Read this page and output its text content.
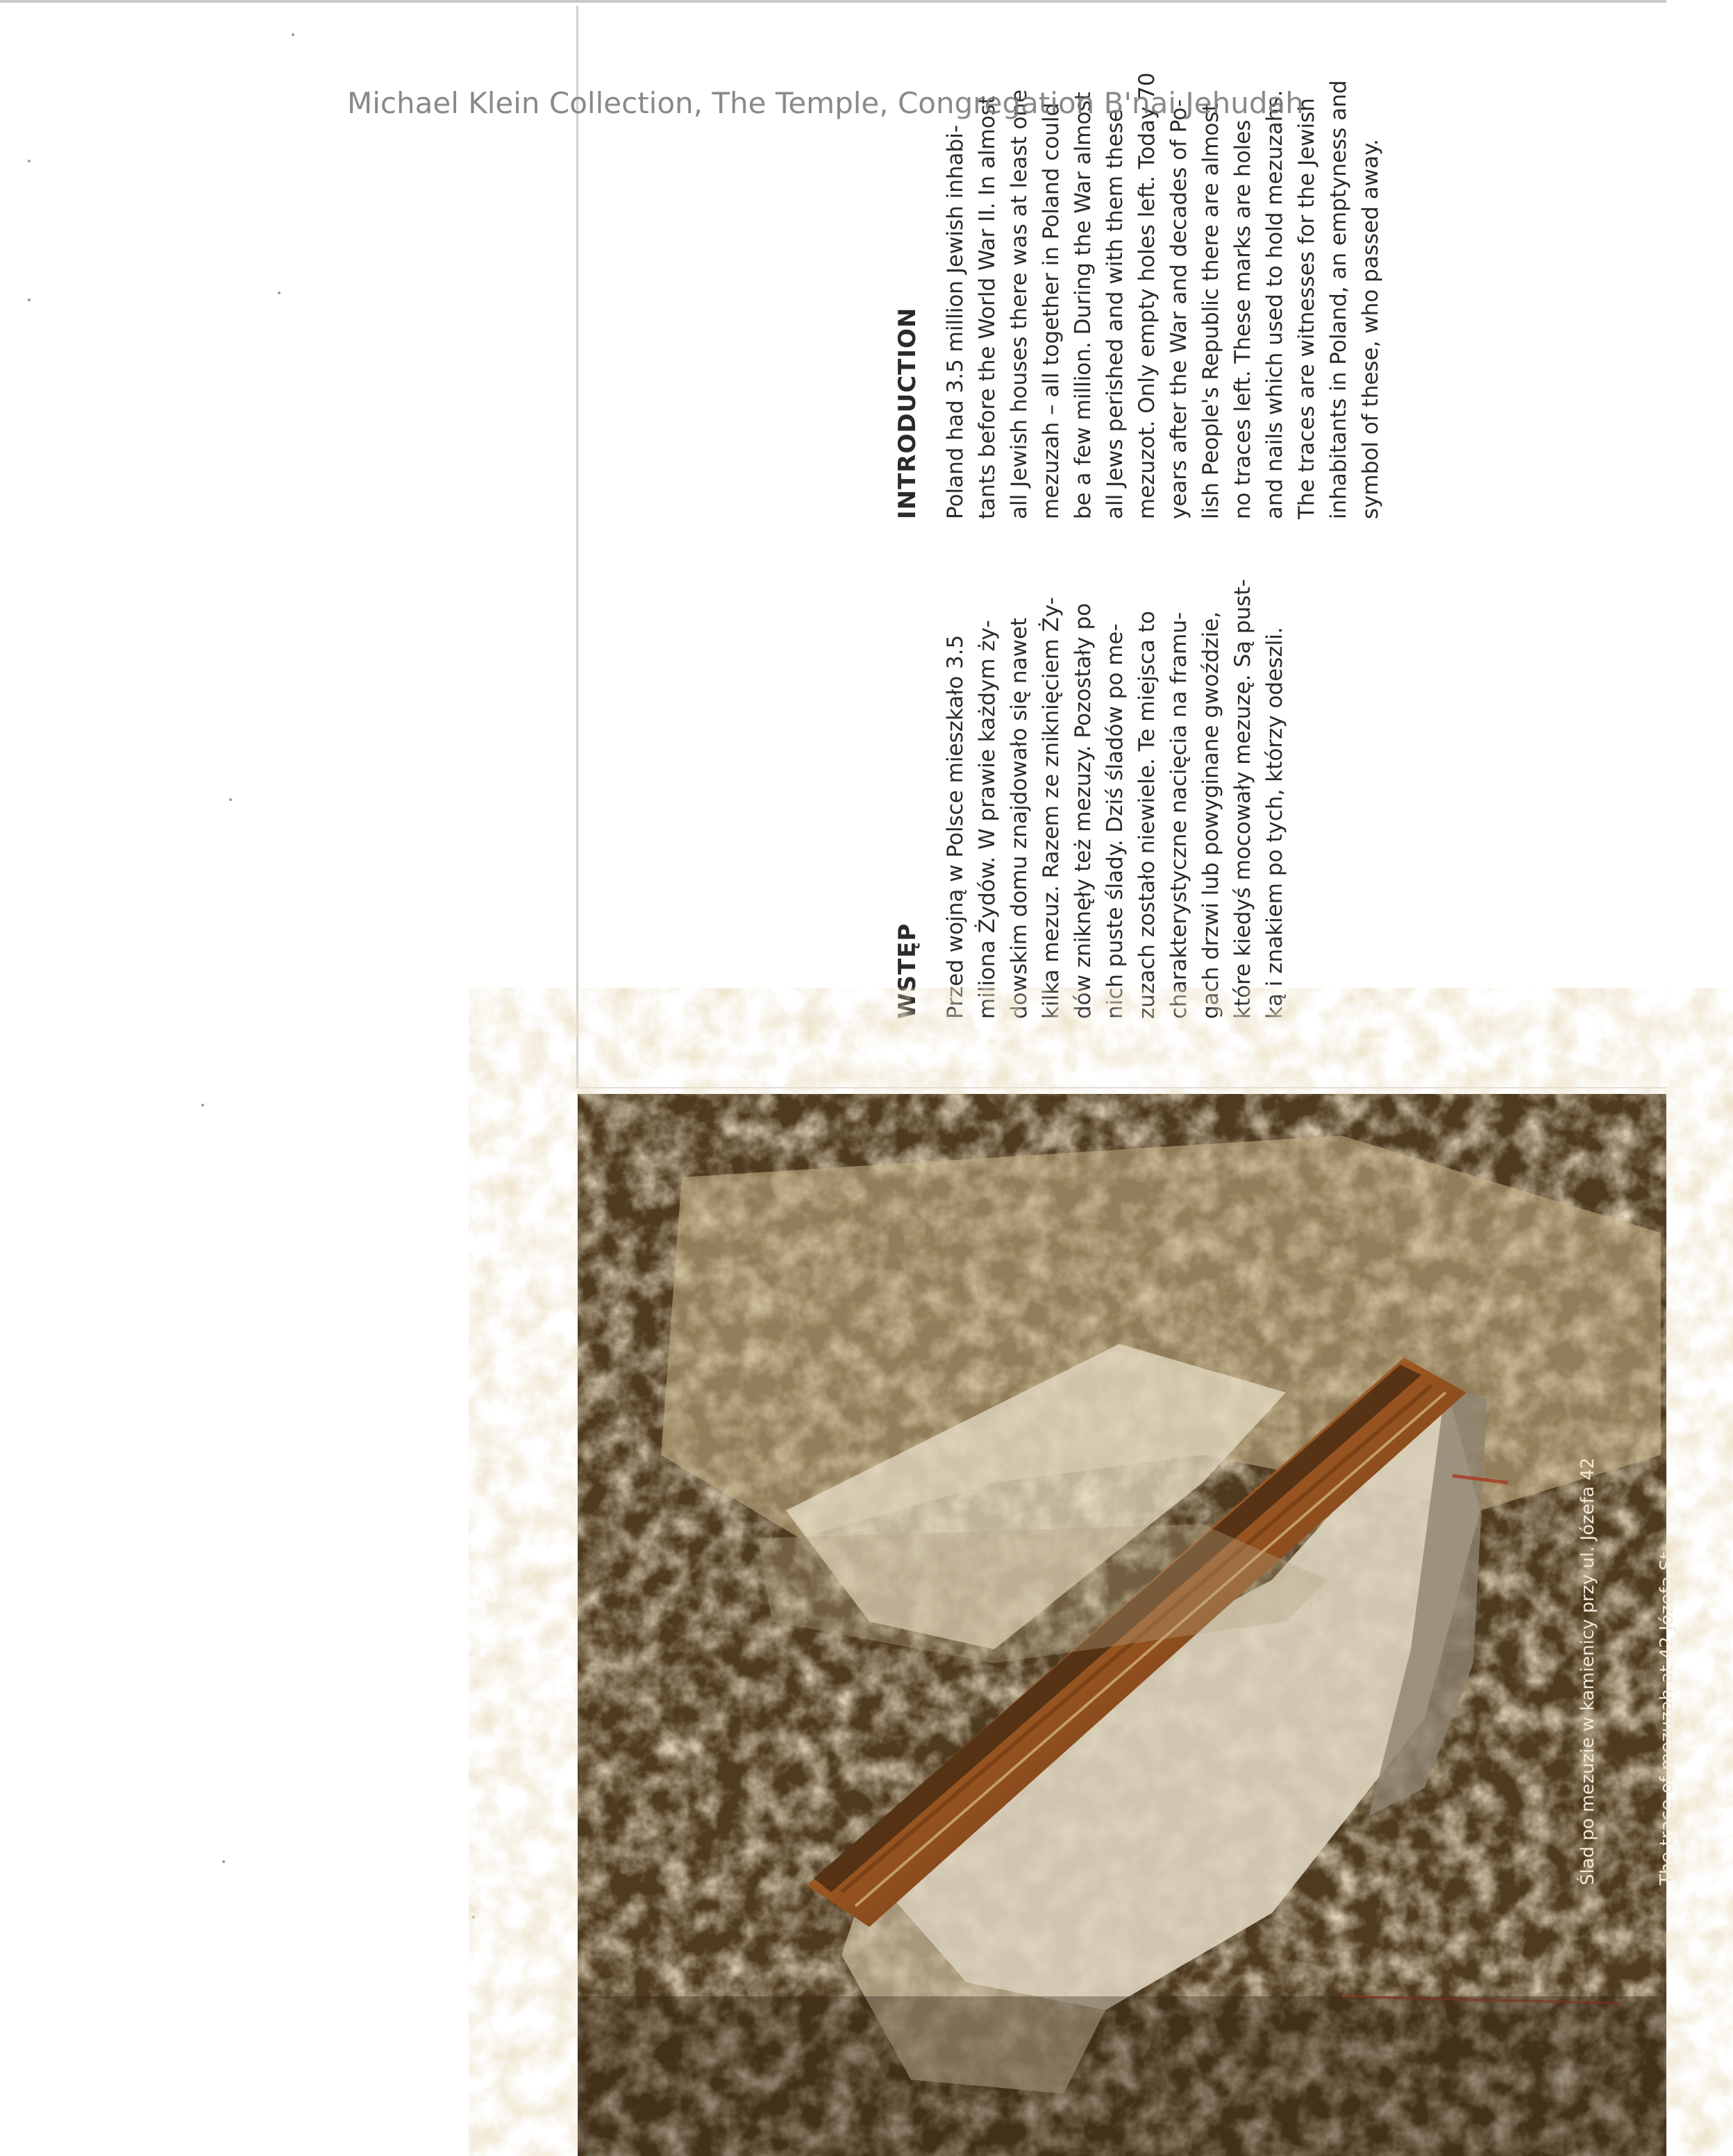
WSTĘP Przed wojną w Polsce mieszkało 3.5 miliona Żydów. W prawie każdym ży- dowskim domu znajdowało się nawet kilka mezuz. Razem ze zniknięciem Ży- dów zniknęły też mezuzy. Pozostały po nich puste ślady. Dziś śladów po me- zuzach zostało niewiele. Te miejsca to charakterystyczne nacięcia na framu- gach drzwi lub powyginane gwoździe, które kiedyś mocowały mezuzę. Są pust- ką i znakiem po tych, którzy odeszli.
INTRODUCTION Poland had 3.5 million Jewish inhabi- tants before the World War II. In almost all Jewish houses there was at least one mezuzah – all together in Poland could be a few million. During the War almost all Jews perished and with them these mezuzot. Only empty holes left. Today 70 years after the War and decades of Po- lish People's Republic there are almost no traces left. These marks are holes and nails which used to hold mezuzahs. The traces are witnesses for the Jewish inhabitants in Poland, an emptyness and symbol of these, who passed away.

Ślad po mezuzie w kamienicy przy ul. Józefa 42

	The trace of mezuzah at 42 Józefa St.

Michael Klein Collection, The Temple, Congregation B'nai Jehudah
